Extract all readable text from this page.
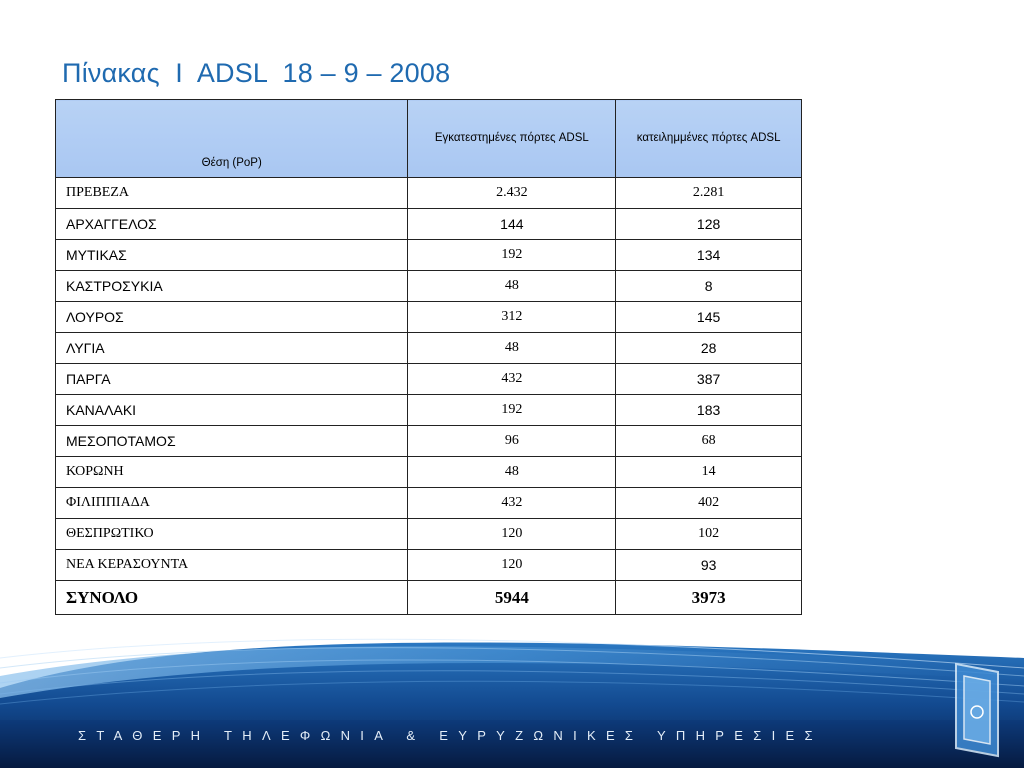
Πίνακας  I  ADSL  18 – 9 – 2008
Θέση (PoP)	Εγκατεστημένες πόρτες ADSL	κατειλημμένες πόρτες ADSL
ΠΡΕΒΕΖΑ	2.432	2.281
ΑΡΧΑΓΓΕΛΟΣ	144	128
ΜΥΤΙΚΑΣ	192	134
ΚΑΣΤΡΟΣΥΚΙΑ	48	8
ΛΟΥΡΟΣ	312	145
ΛΥΓΙΑ	48	28
ΠΑΡΓΑ	432	387
ΚΑΝΑΛΑΚΙ	192	183
ΜΕΣΟΠΟΤΑΜΟΣ	96	68
ΚΟΡΩΝΗ	48	14
ΦΙΛΙΠΠΙΑΔΑ	432	402
ΘΕΣΠΡΩΤΙΚΟ	120	102
ΝΕΑ ΚΕΡΑΣΟΥΝΤΑ	120	93
ΣΥΝΟΛΟ	5944	3973
ΣΤΑΘΕΡΗ ΤΗΛΕΦΩΝΙΑ & ΕΥΡΥΖΩΝΙΚΕΣ ΥΠΗΡΕΣΙΕΣ
